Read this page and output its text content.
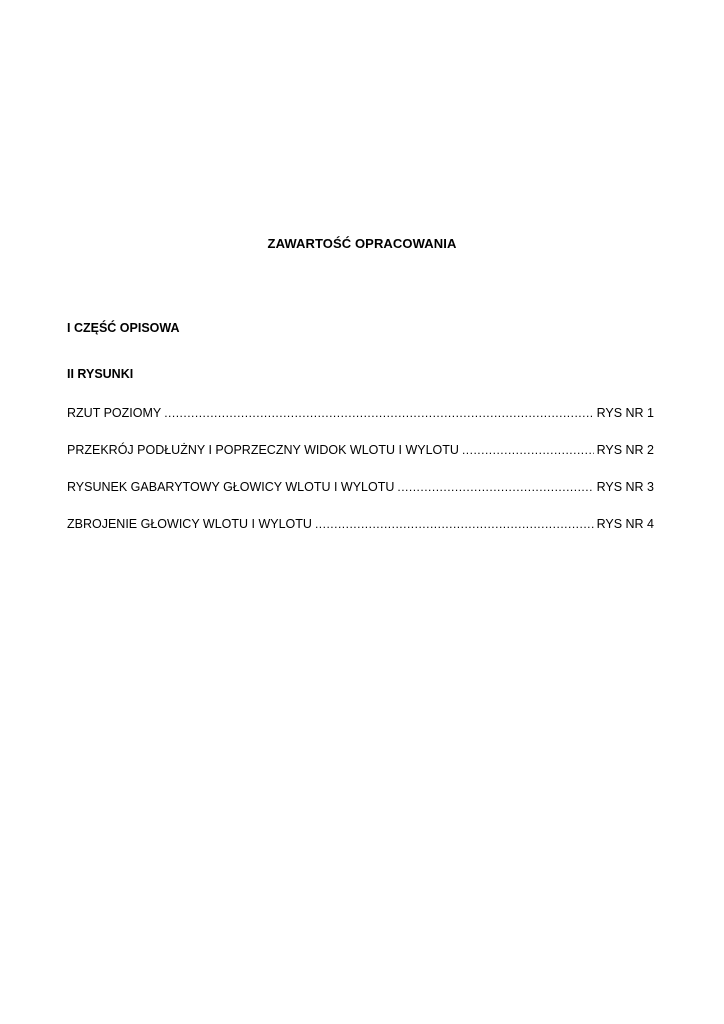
ZAWARTOŚĆ OPRACOWANIA
I CZĘŚĆ OPISOWA
II RYSUNKI
RZUT POZIOMY .....	RYS NR 1
PRZEKRÓJ PODŁUŻNY I POPRZECZNY WIDOK WLOTU I WYLOTU .....	RYS NR 2
RYSUNEK GABARYTOWY GŁOWICY WLOTU I WYLOTU .....	RYS NR 3
ZBROJENIE GŁOWICY WLOTU I WYLOTU .....	RYS NR 4
